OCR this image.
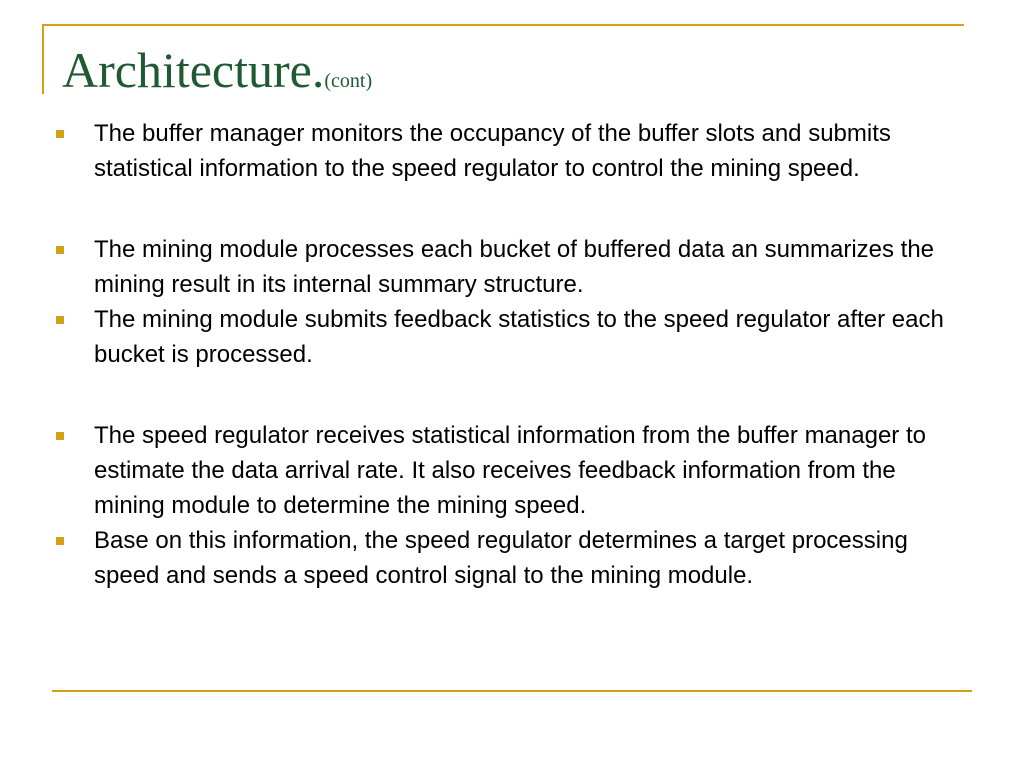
Architecture.(cont)
The buffer manager monitors the occupancy of the buffer slots and submits statistical information to the speed regulator to control the mining speed.
The mining module processes each bucket of buffered data an summarizes the mining result in its internal summary structure.
The mining module submits feedback statistics to the speed regulator after each bucket is processed.
The speed regulator receives statistical information from the buffer manager to estimate the data arrival rate. It also receives feedback information from the mining module to determine the mining speed.
Base on this information, the speed regulator determines a target processing speed and sends a speed control signal to the mining module.
